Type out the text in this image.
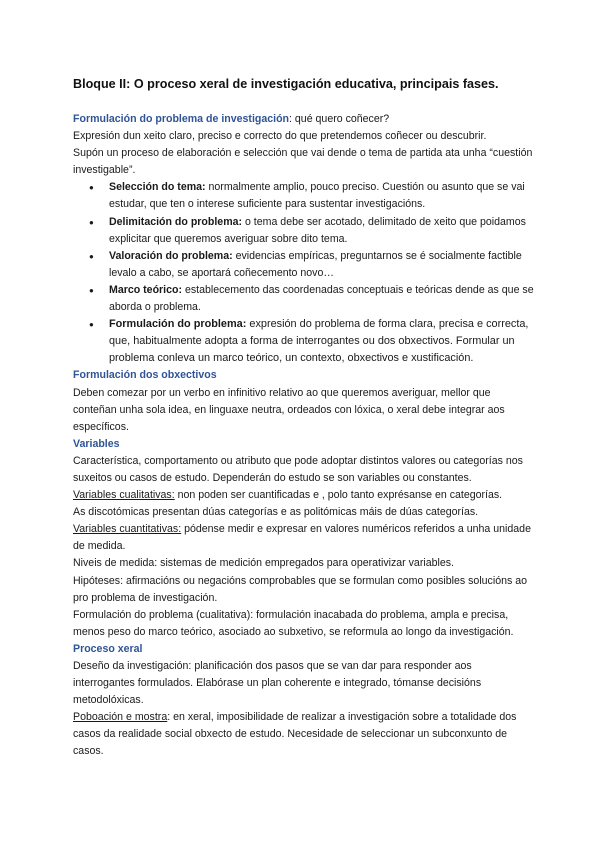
Bloque II: O proceso xeral de investigación educativa, principais fases.

Formulación do problema de investigación: qué quero coñecer?

Expresión dun xeito claro, preciso e correcto do que pretendemos coñecer ou descubrir.

Supón un proceso de elaboración e selección que vai dende o tema de partida ata unha “cuestión investigable”.

● Selección do tema: normalmente amplio, pouco preciso. Cuestión ou asunto que se vai estudar, que ten o interese suficiente para sustentar investigacións.
● Delimitación do problema: o tema debe ser acotado, delimitado de xeito que poidamos explicitar que queremos averiguar sobre dito tema.
● Valoración do problema: evidencias empíricas, preguntarnos se é socialmente factible levalo a cabo, se aportará coñecemento novo…
● Marco teórico: establecemento das coordenadas conceptuais e teóricas dende as que se aborda o problema.
● Formulación do problema: expresión do problema de forma clara, precisa e correcta, que, habitualmente adopta a forma de interrogantes ou dos obxectivos. Formular un problema conleva un marco teórico, un contexto, obxectivos e xustificación.

Formulación dos obxectivos

Deben comezar por un verbo en infinitivo relativo ao que queremos averiguar, mellor que conteñan unha sola idea, en linguaxe neutra, ordeados con lóxica, o xeral debe integrar aos específicos.

Variables

Característica, comportamento ou atributo que pode adoptar distintos valores ou categorías nos suxeitos ou casos de estudo. Dependerán do estudo se son variables ou constantes.

Variables cualitativas: non poden ser cuantificadas e , polo tanto exprésanse en categorías.

As discotómicas presentan dúas categorías e as politómicas máis de dúas categorías.

Variables cuantitativas: pódense medir e expresar en valores numéricos referidos a unha unidade de medida.

Niveis de medida: sistemas de medición empregados para operativizar variables.

Hipóteses: afirmacións ou negacións comprobables que se formulan como posibles solucións ao pro problema de investigación.

Formulación do problema (cualitativa): formulación inacabada do problema, ampla e precisa, menos peso do marco teórico, asociado ao subxetivo, se reformula ao longo da investigación.

Proceso xeral

Deseño da investigación: planificación dos pasos que se van dar para responder aos interrogantes formulados. Elabórase un plan coherente e integrado, tómanse decisións metodolóxicas.

Poboación e mostra: en xeral, imposibilidade de realizar a investigación sobre a totalidade dos casos da realidade social obxecto de estudo. Necesidade de seleccionar un subconxunto de casos.
